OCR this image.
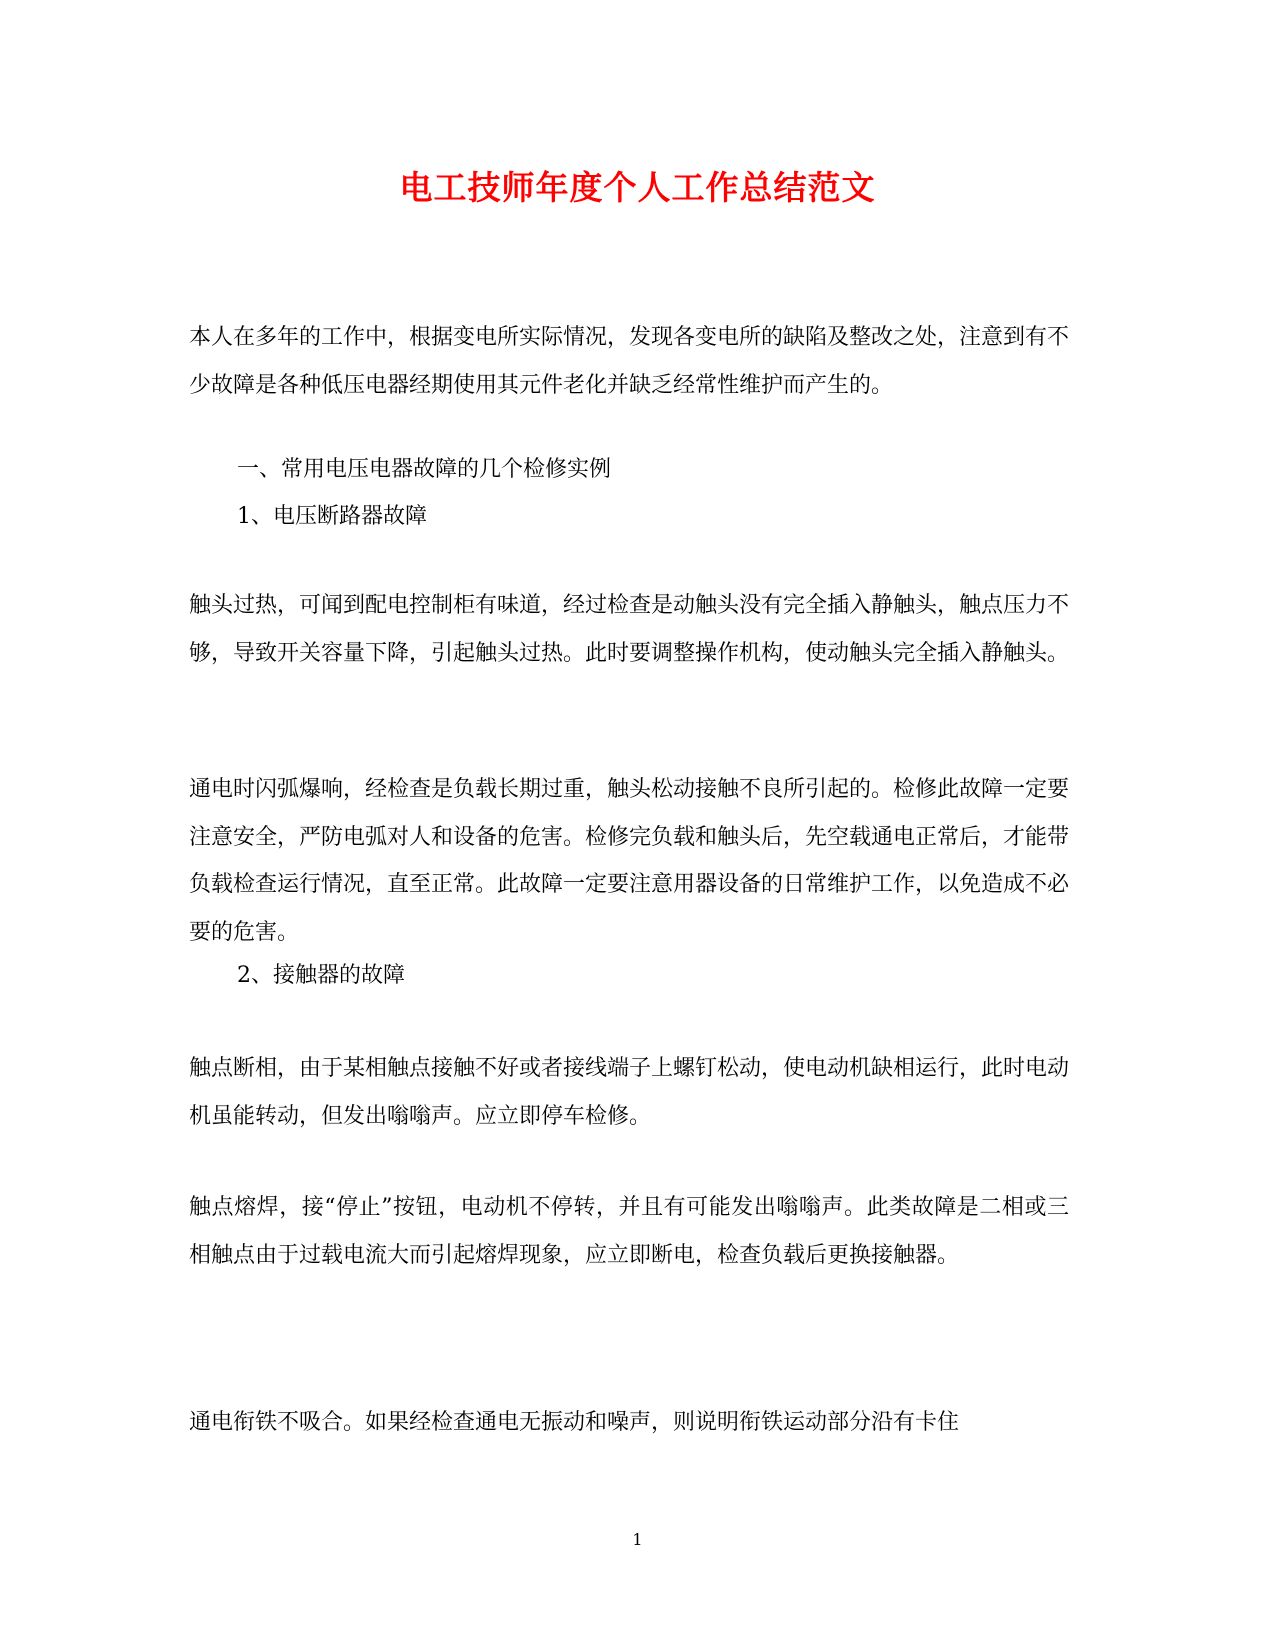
电工技师年度个人工作总结范文
本人在多年的工作中，根据变电所实际情况，发现各变电所的缺陷及整改之处，注意到有不少故障是各种低压电器经期使用其元件老化并缺乏经常性维护而产生的。
一、常用电压电器故障的几个检修实例
1、电压断路器故障
触头过热，可闻到配电控制柜有味道，经过检查是动触头没有完全插入静触头，触点压力不够，导致开关容量下降，引起触头过热。此时要调整操作机构，使动触头完全插入静触头。
通电时闪弧爆响，经检查是负载长期过重，触头松动接触不良所引起的。检修此故障一定要注意安全，严防电弧对人和设备的危害。检修完负载和触头后，先空载通电正常后，才能带负载检查运行情况，直至正常。此故障一定要注意用器设备的日常维护工作，以免造成不必要的危害。
2、接触器的故障
触点断相，由于某相触点接触不好或者接线端子上螺钉松动，使电动机缺相运行，此时电动机虽能转动，但发出嗡嗡声。应立即停车检修。
触点熔焊，接“停止”按钮，电动机不停转，并且有可能发出嗡嗡声。此类故障是二相或三相触点由于过载电流大而引起熔焊现象，应立即断电，检查负载后更换接触器。
通电衔铁不吸合。如果经检查通电无振动和噪声，则说明衔铁运动部分沿有卡住
1
